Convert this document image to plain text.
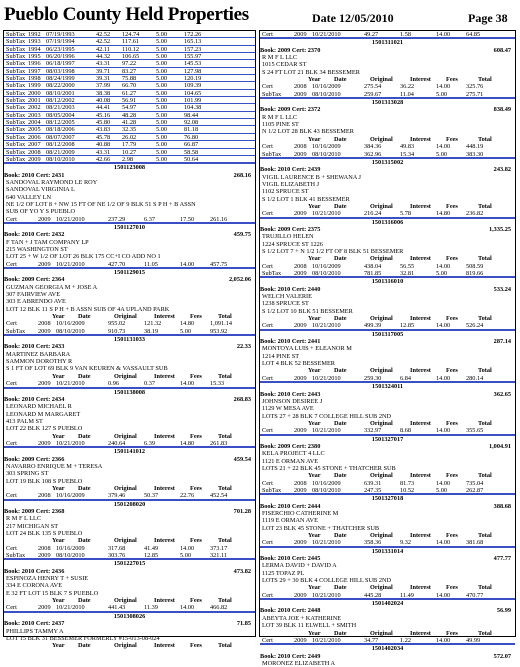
Pueblo County Held Properties	Date 12/05/2010	Page 38
SubTax 1992 07/19/1993	42.52 124.74	5.00	172.26
SubTax 1993 07/19/1994	42.52 117.61	5.00	165.13
SubTax 1994 06/23/1995	42.11 110.12	5.00	157.23
SubTax 1995 06/20/1996	44.32 106.65	5.00	155.97
SubTax 1996 06/18/1997	43.31 97.22	5.00	145.53
SubTax 1997 08/03/1998	39.71 83.27	5.00	127.98
SubTax 1998 08/24/1999	39.31 75.88	5.00	120.19
SubTax 1999 08/22/2000	37.99 66.70	5.00	109.39
SubTax 2000 08/10/2001	38.38 61.27	5.00	104.65
SubTax 2001 08/12/2002	40.08 56.91	5.00	101.99
SubTax 2002 08/21/2003	44.41 54.97	5.00	104.38
SubTax 2003 08/05/2004	45.16 48.28	5.00	98.44
SubTax 2004 08/12/2005	45.80 41.28	5.00	92.08
SubTax 2005 08/18/2006	43.83 32.35	5.00	81.18
SubTax 2006 08/07/2007	45.78 26.02	5.00	76.80
SubTax 2007 08/12/2008	40.88 17.79	5.00	66.87
SubTax 2008 08/21/2009	43.31 10.27	5.00	58.58
SubTax 2009 08/10/2010	42.66 2.98	5.00	50.64
1501123008
Book: 2010 Cert: 2431	268.16
SANDOVAL RAYMOND LE ROY
SANDOVAL VIRGINIA L
640 VALLEY LN
NE 1/2 OF LOT 8 + NW 15 FT OF NE 1/2 OF 9 BLK 51 S P H + B ASSN
SUB OF YO Y S PUEBLO
Cert	2009 10/21/2010	237.29	6.37	17.50	261.16
1501127010
Book: 2010 Cert: 2432	459.75
F TAN + J TAM COMPANY LP
215 WASHINGTON ST
LOT 25 + W 1/2 OF LOT 26 BLK 175 CC+I CO ADD NO 1
Cert	2009 10/21/2010	427.70	11.05	14.00	457.75
1501129015
Book: 2009 Cert: 2364	2,052.06
GUZMAN GEORGIA M + JOSE A
307 FAIRVIEW AVE
303 E ABRENDO AVE
LOT 12 BLK 11 S P H + B ASSN SUB OF 4A UPLAND PARK
Year Date	Original	Interest Fees	Total
Cert	2008 10/16/2009	955.02	121.32	14.80	1,091.14
SubTax 2009 08/10/2010	910.73	38.19	5.00	953.92
1501131033
Book: 2010 Cert: 2433	22.33
MARTINEZ BARBARA
SAMMON DOROTHY R
S 1 FT OF LOT 69 BLK 9 VAN KEUREN & VASSAULT SUB
Year Date	Original	Interest Fees	Total
Cert	2009 10/21/2010	0.96	0.37	14.00	15.33
1501138008
Book: 2010 Cert: 2434	268.83
LEONARD MICHAEL R
LEONARD M MARGARET
413 PALM ST
LOT 22 BLK 127 S PUEBLO
Year Date	Original	Interest Fees	Total
Cert	2009 10/21/2010	240.64	6.39	14.80	261.83
1501141012
Book: 2009 Cert: 2366	459.54
NAVARRO ENRIQUE M + TERESA
303 SPRING ST
LOT 19 BLK 108 S PUEBLO
Year Date	Original	Interest Fees	Total
Cert	2008 10/16/2009	379.46	50.37	22.76	452.54
1501208020
Book: 2009 Cert: 2368	701.28
R M F L LLC
217 MICHIGAN ST
LOT 24 BLK 135 S PUEBLO
Year Date	Original	Interest Fees	Total
Cert	2008 10/16/2009	317.68	41.49	14.00	373.17
SubTax 2009 08/10/2010	303.76	12.85	5.00	321.11
1501227015
Book: 2010 Cert: 2436	473.82
ESPINOZA HENRY T + SUSIE
334 E CORONA AVE
E 32 FT LOT 15 BLK 7 S PUEBLO
Year Date	Original	Interest Fees	Total
Cert	2009 10/21/2010	441.43	11.39	14.00	466.82
1501308026
Book: 2010 Cert: 2437	71.85
PHILLIPS TAMMY A
LOT 15 BLK 31 BESSEMER FORMERLY #15-013-08-024
Year Date	Original	Interest Fees	Total
Cert	2009 10/21/2010	49.27	1.58	14.00	64.85
1501311021
Book: 2009 Cert: 2370	608.47
R M F L LLC
1015 CEDAR ST
S 24 FT LOT 21 BLK 34 BESSEMER
Year Date	Original	Interest Fees	Total
Cert	2008 10/16/2009	275.54	36.22	14.00	325.76
SubTax 2009 08/10/2010	259.67	11.04	5.00	275.71
1501313028
Book: 2009 Cert: 2372	838.49
R M F L LLC
1105 PINE ST
N 1/2 LOT 28 BLK 43 BESSEMER
Year Date	Original	Interest Fees	Total
Cert	2008 10/16/2009	384.36	49.83	14.00	448.19
SubTax 2009 08/10/2010	362.96	15.34	5.00	383.30
1501315002
Book: 2010 Cert: 2439	243.82
VIGIL LAURENCE B + SHEWANA J
VIGIL ELIZABETH J
1102 SPRUCE ST
S 1/2 LOT 1 BLK 41 BESSEMER
Year Date	Original	Interest Fees	Total
Cert	2009 10/21/2010	216.24	5.78	14.80	236.82
1501316006
Book: 2009 Cert: 2375	1,335.25
TRUJILLO HELEN
1224 SPRUCE ST 1226
S 1/2 LOT 7 + N 1/2 1/2 FT OF 8 BLK 51 BESSEMER
Year Date	Original	Interest Fees	Total
Cert	2008 10/16/2009	438.04	56.55	14.00	508.59
SubTax 2009 08/10/2010	781.85	32.81	5.00	819.66
1501316010
Book: 2010 Cert: 2440	533.24
WELCH VALERIE
1238 SPRUCE ST
S 1/2 LOT 10 BLK 51 BESSEMER
Year Date	Original	Interest Fees	Total
Cert	2009 10/21/2010	499.39	12.85	14.00	526.24
1501317005
Book: 2010 Cert: 2441	287.14
MONTOYA LUIS + ELEANOR M
1214 PINE ST
LOT 4 BLK 52 BESSEMER
Year Date	Original	Interest Fees	Total
Cert	2009 10/21/2010	259.30	6.84	14.00	280.14
1501324011
Book: 2010 Cert: 2443	362.65
JOHNSON DESIREE J
1129 W MESA AVE
LOTS 27 + 28 BLK 7 COLLEGE HILL SUB 2ND
Year Date	Original	Interest Fees	Total
Cert	2009 10/21/2010	332.97	8.68	14.00	355.65
1501327017
Book: 2009 Cert: 2380	1,004.91
KELA PROJECT 4 LLC
1121 E ORMAN AVE
LOTS 21 + 22 BLK 45 STONE + THATCHER SUB
Year Date	Original	Interest Fees	Total
Cert	2008 10/16/2009	639.31	81.73	14.00	735.04
SubTax 2009 08/10/2010	247.35	10.52	5.00	262.87
1501327018
Book: 2010 Cert: 2444	388.68
FISERCHIO CATHERINE M
1119 E ORMAN AVE
LOT 23 BLK 45 STONE + THATCHER SUB
Year Date	Original	Interest Fees	Total
Cert	2009 10/21/2010	358.36	9.32	14.00	381.68
1501331014
Book: 2010 Cert: 2445	477.77
LERMA DAVID + DAVID A
1125 TOPAZ PL
LOTS 29 + 30 BLK 4 COLLEGE HILL SUB 2ND
Year Date	Original	Interest Fees	Total
Cert	2009 10/21/2010	445.28	11.49	14.00	470.77
1501402024
Book: 2010 Cert: 2448	56.99
ABEYTA JOE + KATHERINE
LOT 39 BLK 11 ELWELL + SMITH
Year Date	Original	Interest Fees	Total
Cert	2009 10/21/2010	34.77	1.22	14.00	49.99
1501402034
Book: 2010 Cert: 2449	572.07
MORONEZ ELIZABETH A
